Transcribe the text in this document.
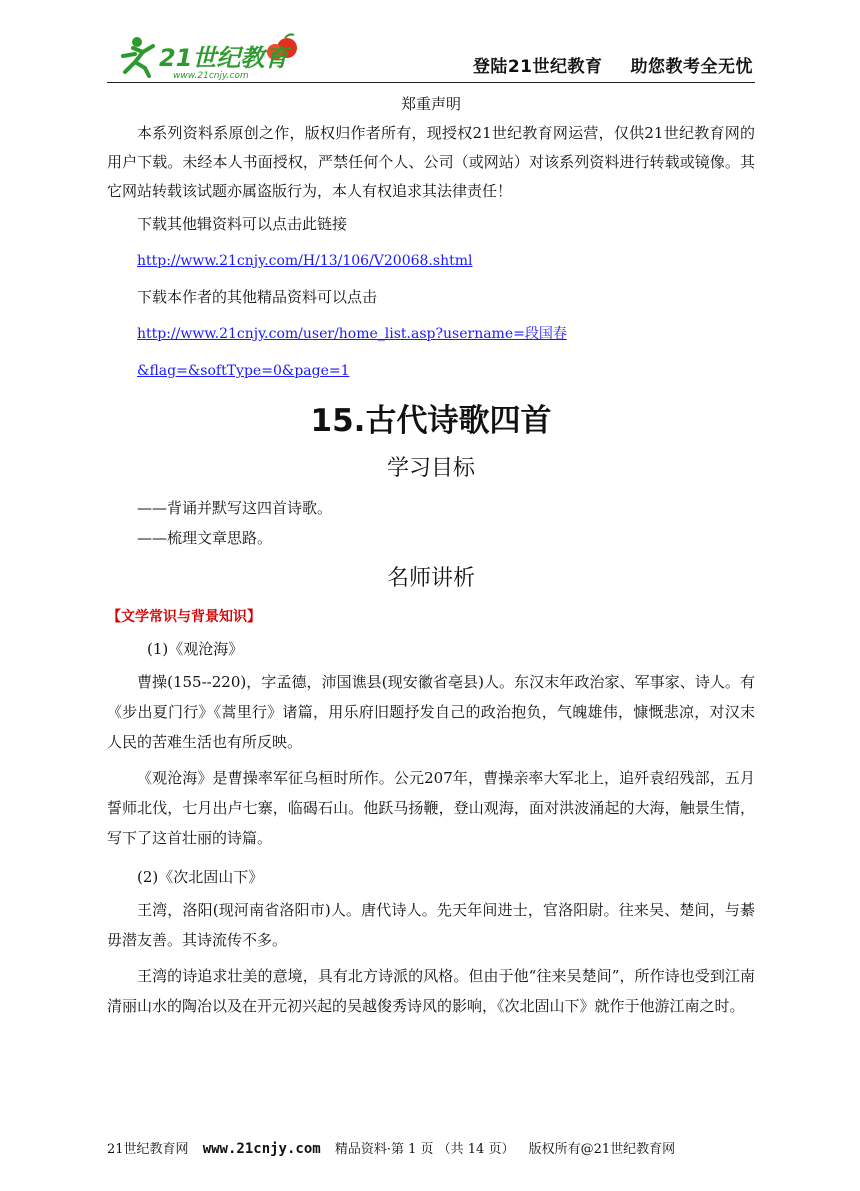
21世纪教育
www.21cnjy.com	登陆21世纪教育 助您教考全无忧

郑重声明

本系列资料系原创之作，版权归作者所有，现授权21世纪教育网运营，仅供21世纪教育网的用户下载。未经本人书面授权，严禁任何个人、公司（或网站）对该系列资料进行转载或镜像。其它网站转载该试题亦属盗版行为，本人有权追求其法律责任！

下载其他辑资料可以点击此链接

http://www.21cnjy.com/H/13/106/V20068.shtml

下载本作者的其他精品资料可以点击

http://www.21cnjy.com/user/home_list.asp?username=段国春&flag=&softType=0&page=1

15.古代诗歌四首

学习目标

——背诵并默写这四首诗歌。

——梳理文章思路。

名师讲析

【文学常识与背景知识】

(1)《观沧海》

曹操(155--220)，字孟德，沛国谯县(现安徽省亳县)人。东汉末年政治家、军事家、诗人。有《步出夏门行》《蒿里行》诸篇，用乐府旧题抒发自己的政治抱负，气魄雄伟，慷慨悲凉，对汉末人民的苦难生活也有所反映。

《观沧海》是曹操率军征乌桓时所作。公元207年，曹操亲率大军北上，追歼袁绍残部，五月誓师北伐，七月出卢七寨，临碣石山。他跃马扬鞭，登山观海，面对洪波涌起的大海，触景生情，写下了这首壮丽的诗篇。

(2)《次北固山下》

王湾，洛阳(现河南省洛阳市)人。唐代诗人。先天年间进士，官洛阳尉。往来吴、楚间，与綦毋潜友善。其诗流传不多。

王湾的诗追求壮美的意境，具有北方诗派的风格。但由于他“往来吴楚间”，所作诗也受到江南清丽山水的陶冶以及在开元初兴起的吴越俊秀诗风的影响，《次北固山下》就作于他游江南之时。

21世纪教育网 www.21cnjy.com 精品资料·第 1 页 （共 14 页） 版权所有@21世纪教育网
